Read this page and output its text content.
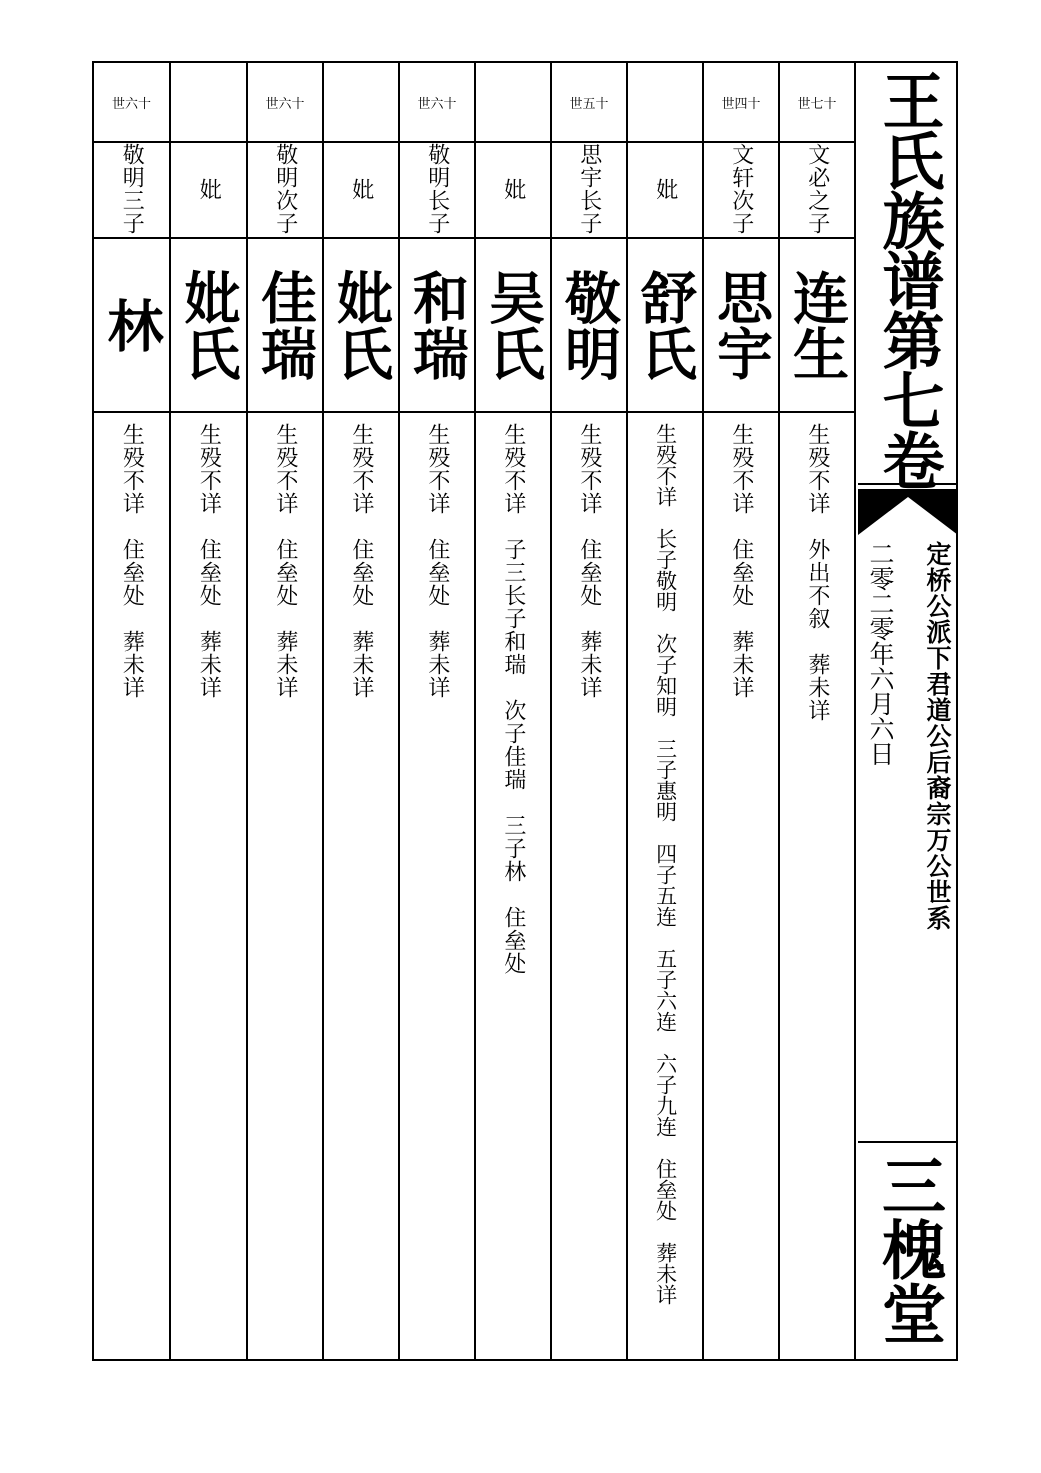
世七十
文必之子
连生
生殁不详　外出不叙　葬未详
世四十
文轩次子
思宇
生殁不详　住垒处　葬未详
妣
舒氏
生殁不详　长子敬明　次子知明　三子惠明　四子五连　五子六连　六子九连　住垒处　葬未详
世五十
思宇长子
敬明
生殁不详　住垒处　葬未详
妣
吴氏
生殁不详　子三长子和瑞　次子佳瑞　三子林　住垒处
世六十
敬明长子
和瑞
生殁不详　住垒处　葬未详
妣
妣氏
生殁不详　住垒处　葬未详
世六十
敬明次子
佳瑞
生殁不详　住垒处　葬未详
妣
妣氏
生殁不详　住垒处　葬未详
世六十
敬明三子
林
生殁不详　住垒处　葬未详
王氏族谱第七卷
定桥公派下君道公后裔宗万公世系
二零二零年六月六日
三槐堂
